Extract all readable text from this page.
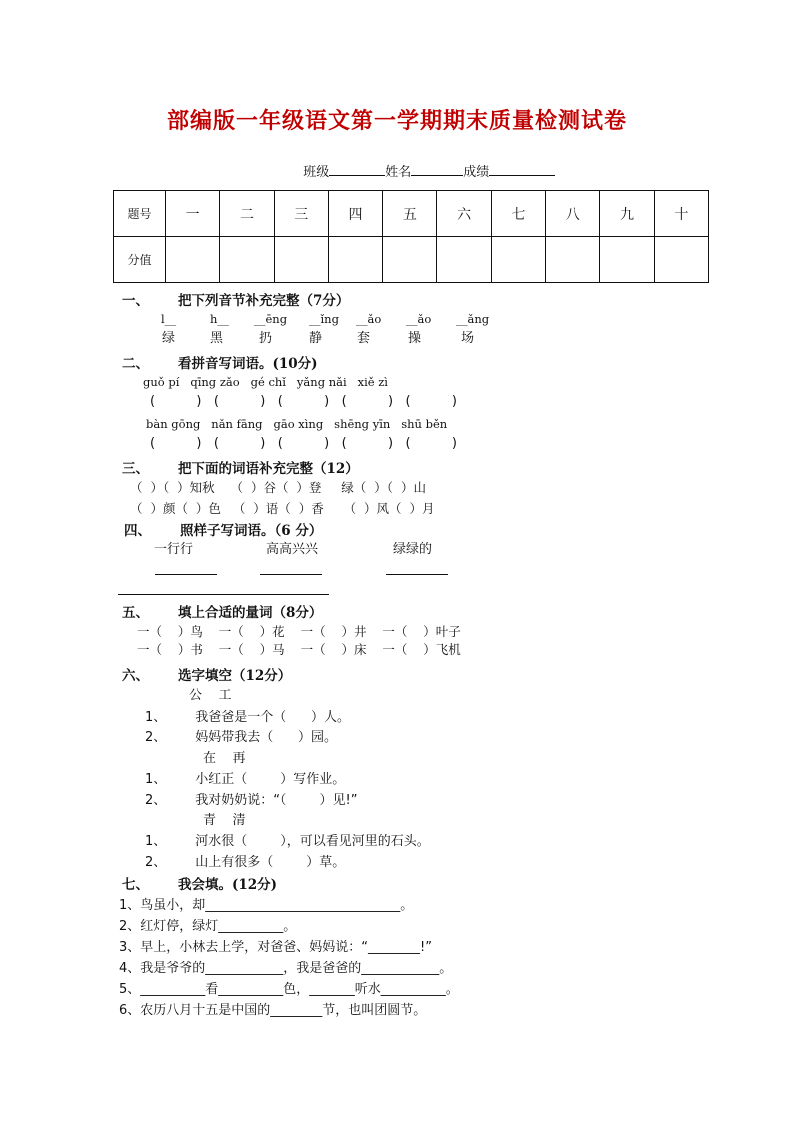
部编版一年级语文第一学期期末质量检测试卷

班级	姓名	成绩

题号	一	二	三	四	五	六	七	八	九	十
分值										
一、 把下列音节补充完整（7分）
l__	h__ __ēng __ǐng __ǎo __ǎo __ǎng
绿	黑	扔	静	套	操	场
二、 看拼音写词语。(10分)
guǒ pí   qīng zǎo   gé chǐ   yǎng nǎi   xiě zì
(          )   (          )   (          )   (          )   (          )
bàn gōng   nǎn fāng   gāo xìng   shēng yīn   shū běn
(          )   (          )   (          )   (          )   (          )
三、 把下面的词语补充完整（12）
（  ）（  ）知秋    （  ）谷（  ）登     绿（  ）（  ）山
（  ）颜（  ）色   （  ）语（  ）香     （  ）风（  ）月
四、 照样子写词语。（6 分）
一行行	高高兴兴	绿绿的
五、 填上合适的量词（8分）
一（    ）鸟    一（    ）花    一（    ）井    一（    ）叶子
一（    ）书    一（    ）马    一（    ）床    一（    ）飞机
六、 选字填空（12分）
公    工
1、       我爸爸是一个（      ）人。
2、       妈妈带我去（      ）园。
在    再
1、       小红正（        ）写作业。
2、       我对奶奶说：“（        ）见!”
青    清
1、       河水很（        ），可以看见河里的石头。
2、       山上有很多（        ）草。
七、 我会填。(12分)
1、鸟虽小，却______________________________。
2、红灯停，绿灯__________。
3、早上，小林去上学，对爸爸、妈妈说：“________!”
4、我是爷爷的____________，我是爸爸的____________。
5、__________看__________色，_______听水__________。
6、农历八月十五是中国的________节，也叫团圆节。
